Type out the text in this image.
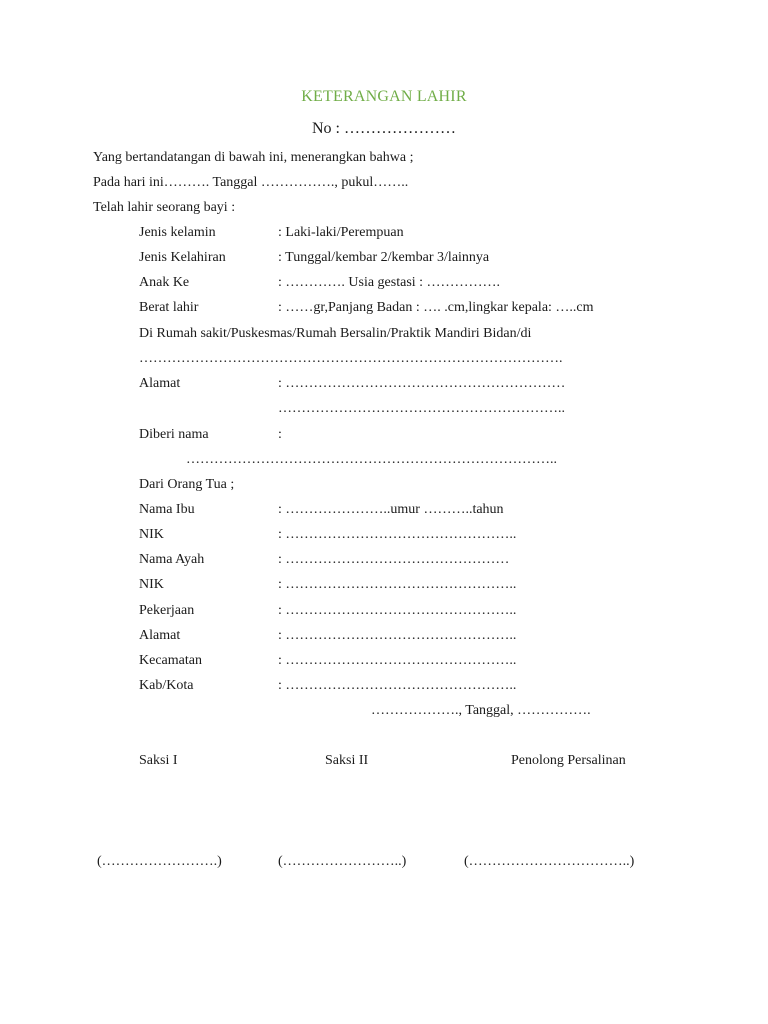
KETERANGAN LAHIR
No : …………………
Yang bertandatangan di bawah ini, menerangkan bahwa ;
Pada hari ini………. Tanggal ……………., pukul……..
Telah lahir seorang bayi :
Jenis kelamin	: Laki-laki/Perempuan
Jenis Kelahiran	: Tunggal/kembar 2/kembar 3/lainnya
Anak Ke	: …………. Usia gestasi : …………….
Berat lahir	: ……gr,Panjang Badan : …. .cm,lingkar kepala: …..cm
Di Rumah sakit/Puskesmas/Rumah Bersalin/Praktik Mandiri Bidan/di
……………………………………………………………………………….
Alamat	: ……………………………………………………
……………………………………………………..
Diberi nama	:
……………………………………………………………………..
Dari Orang Tua ;
Nama Ibu	: …………………..umur ………..tahun
NIK	: …………………………………………..
Nama Ayah	: …………………………………………
NIK	: …………………………………………..
Pekerjaan	: …………………………………………..
Alamat	: …………………………………………..
Kecamatan	: …………………………………………..
Kab/Kota	: …………………………………………..
………………., Tanggal, …………….
Saksi I	Saksi II	Penolong Persalinan
(…………………….)	(……………………..)	(……………………………..)
